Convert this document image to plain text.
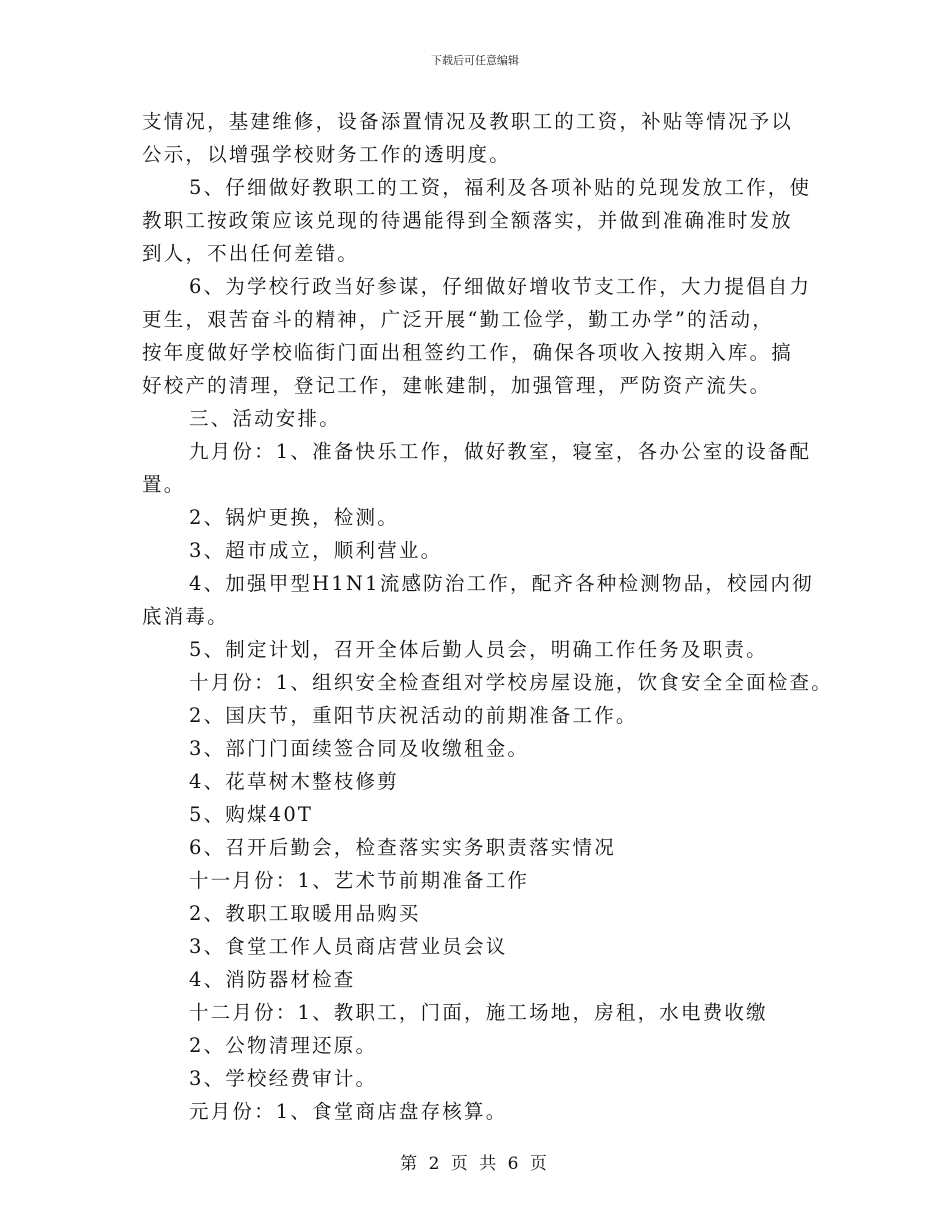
下载后可任意编辑
支情况，基建维修，设备添置情况及教职工的工资，补贴等情况予以
公示，以增强学校财务工作的透明度。
5、仔细做好教职工的工资，福利及各项补贴的兑现发放工作，使
教职工按政策应该兑现的待遇能得到全额落实，并做到准确准时发放
到人，不出任何差错。
6、为学校行政当好参谋，仔细做好增收节支工作，大力提倡自力
更生，艰苦奋斗的精神，广泛开展“勤工俭学，勤工办学”的活动，
按年度做好学校临街门面出租签约工作，确保各项收入按期入库。搞
好校产的清理，登记工作，建帐建制，加强管理，严防资产流失。
三、活动安排。
九月份：1、准备快乐工作，做好教室，寝室，各办公室的设备配
置。
2、锅炉更换，检测。
3、超市成立，顺利营业。
4、加强甲型H1N1流感防治工作，配齐各种检测物品，校园内彻
底消毒。
5、制定计划，召开全体后勤人员会，明确工作任务及职责。
十月份：1、组织安全检查组对学校房屋设施，饮食安全全面检查。
2、国庆节，重阳节庆祝活动的前期准备工作。
3、部门门面续签合同及收缴租金。
4、花草树木整枝修剪
5、购煤40T
6、召开后勤会，检查落实实务职责落实情况
十一月份：1、艺术节前期准备工作
2、教职工取暖用品购买
3、食堂工作人员商店营业员会议
4、消防器材检查
十二月份：1、教职工，门面，施工场地，房租，水电费收缴
2、公物清理还原。
3、学校经费审计。
元月份：1、食堂商店盘存核算。
第 2 页 共 6 页
